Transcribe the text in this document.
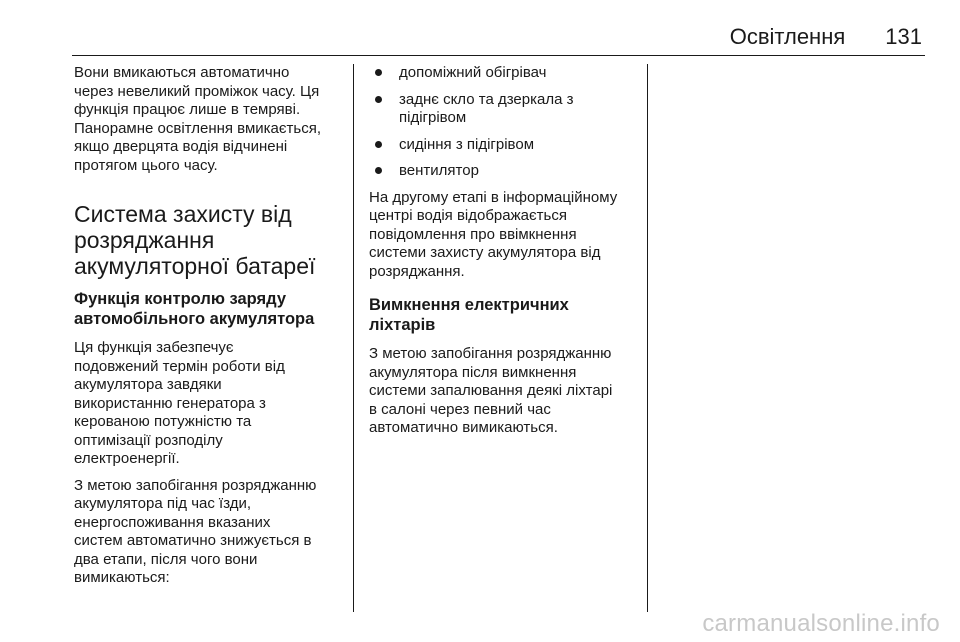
Освітлення 131

Вони вмикаються автоматично
через невеликий проміжок часу. Ця
функція працює лише в темряві.
Панорамне освітлення вмикається,
якщо дверцята водія відчинені
протягом цього часу.

Система захисту від
розряджання
акумуляторної батареї
Функція контролю заряду
автомобільного акумулятора

Ця функція забезпечує
подовжений термін роботи від
акумулятора завдяки
використанню генератора з
керованою потужністю та
оптимізації розподілу
електроенергії.

З метою запобігання розряджанню
акумулятора під час їзди,
енергоспоживання вказаних
систем автоматично знижується в
два етапи, після чого вони
вимикаються:

допоміжний обігрівач
заднє скло та дзеркала з
підігрівом
сидіння з підігрівом
вентилятор

На другому етапі в інформаційному
центрі водія відображається
повідомлення про ввімкнення
системи захисту акумулятора від
розряджання.

Вимкнення електричних
ліхтарів

З метою запобігання розряджанню
акумулятора після вимкнення
системи запалювання деякі ліхтарі
в салоні через певний час
автоматично вимикаються.

carmanualsonline.info
